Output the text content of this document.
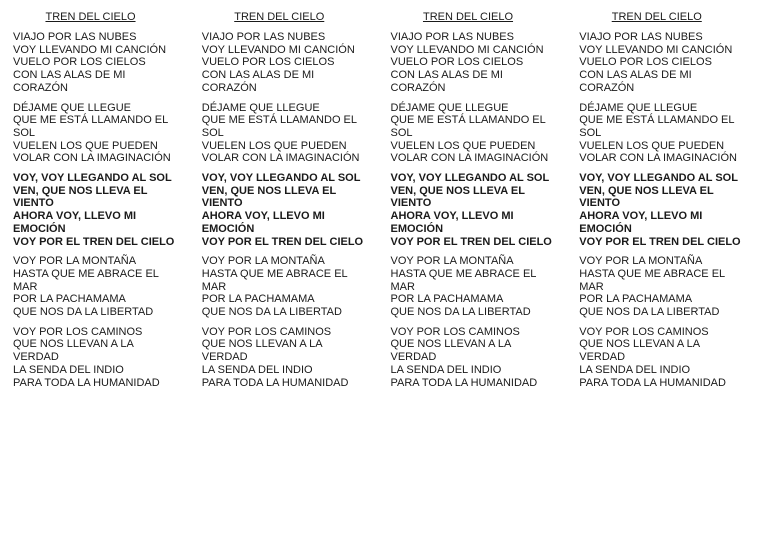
TREN DEL CIELO
VIAJO POR LAS NUBES
VOY LLEVANDO MI CANCIÓN
VUELO POR LOS CIELOS
CON LAS ALAS DE MI CORAZÓN
DÉJAME QUE LLEGUE
QUE ME ESTÁ LLAMANDO EL SOL
VUELEN LOS QUE PUEDEN
VOLAR CON LA IMAGINACIÓN
VOY, VOY LLEGANDO AL SOL
VEN, QUE NOS LLEVA EL VIENTO
AHORA VOY, LLEVO MI EMOCIÓN
VOY POR EL TREN DEL CIELO
VOY POR LA MONTAÑA
HASTA QUE ME ABRACE EL MAR
POR LA PACHAMAMA
QUE NOS DA LA LIBERTAD
VOY POR LOS CAMINOS
QUE NOS LLEVAN A LA VERDAD
LA SENDA DEL INDIO
PARA TODA LA HUMANIDAD
TREN DEL CIELO
VIAJO POR LAS NUBES
VOY LLEVANDO MI CANCIÓN
VUELO POR LOS CIELOS
CON LAS ALAS DE MI CORAZÓN
DÉJAME QUE LLEGUE
QUE ME ESTÁ LLAMANDO EL SOL
VUELEN LOS QUE PUEDEN
VOLAR CON LA IMAGINACIÓN
VOY, VOY LLEGANDO AL SOL
VEN, QUE NOS LLEVA EL VIENTO
AHORA VOY, LLEVO MI EMOCIÓN
VOY POR EL TREN DEL CIELO
VOY POR LA MONTAÑA
HASTA QUE ME ABRACE EL MAR
POR LA PACHAMAMA
QUE NOS DA LA LIBERTAD
VOY POR LOS CAMINOS
QUE NOS LLEVAN A LA VERDAD
LA SENDA DEL INDIO
PARA TODA LA HUMANIDAD
TREN DEL CIELO
VIAJO POR LAS NUBES
VOY LLEVANDO MI CANCIÓN
VUELO POR LOS CIELOS
CON LAS ALAS DE MI CORAZÓN
DÉJAME QUE LLEGUE
QUE ME ESTÁ LLAMANDO EL SOL
VUELEN LOS QUE PUEDEN
VOLAR CON LA IMAGINACIÓN
VOY, VOY LLEGANDO AL SOL
VEN, QUE NOS LLEVA EL VIENTO
AHORA VOY, LLEVO MI EMOCIÓN
VOY POR EL TREN DEL CIELO
VOY POR LA MONTAÑA
HASTA QUE ME ABRACE EL MAR
POR LA PACHAMAMA
QUE NOS DA LA LIBERTAD
VOY POR LOS CAMINOS
QUE NOS LLEVAN A LA VERDAD
LA SENDA DEL INDIO
PARA TODA LA HUMANIDAD
TREN DEL CIELO
VIAJO POR LAS NUBES
VOY LLEVANDO MI CANCIÓN
VUELO POR LOS CIELOS
CON LAS ALAS DE MI CORAZÓN
DÉJAME QUE LLEGUE
QUE ME ESTÁ LLAMANDO EL SOL
VUELEN LOS QUE PUEDEN
VOLAR CON LA IMAGINACIÓN
VOY, VOY LLEGANDO AL SOL
VEN, QUE NOS LLEVA EL VIENTO
AHORA VOY, LLEVO MI EMOCIÓN
VOY POR EL TREN DEL CIELO
VOY POR LA MONTAÑA
HASTA QUE ME ABRACE EL MAR
POR LA PACHAMAMA
QUE NOS DA LA LIBERTAD
VOY POR LOS CAMINOS
QUE NOS LLEVAN A LA VERDAD
LA SENDA DEL INDIO
PARA TODA LA HUMANIDAD
